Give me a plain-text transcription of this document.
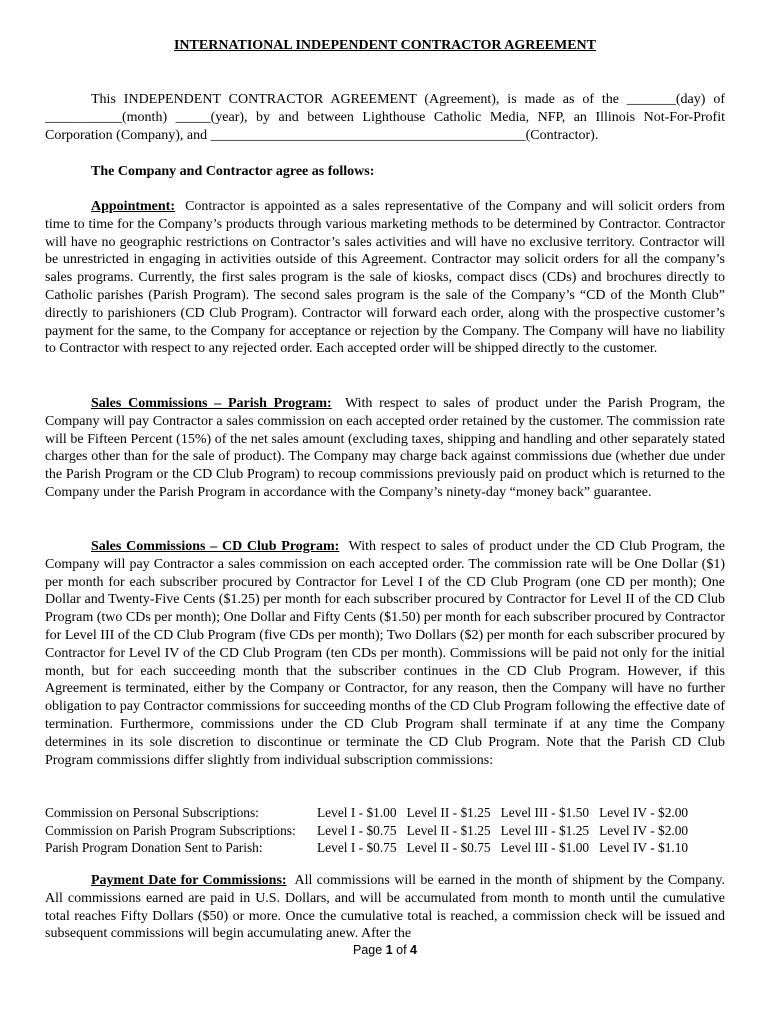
INTERNATIONAL INDEPENDENT CONTRACTOR AGREEMENT

This INDEPENDENT CONTRACTOR AGREEMENT (Agreement), is made as of the _______(day) of ___________(month) _____(year), by and between Lighthouse Catholic Media, NFP, an Illinois Not-For-Profit Corporation (Company), and _____________________________________________(Contractor).

The Company and Contractor agree as follows:

Appointment: Contractor is appointed as a sales representative of the Company and will solicit orders from time to time for the Company’s products through various marketing methods to be determined by Contractor. Contractor will have no geographic restrictions on Contractor’s sales activities and will have no exclusive territory. Contractor will be unrestricted in engaging in activities outside of this Agreement. Contractor may solicit orders for all the company’s sales programs. Currently, the first sales program is the sale of kiosks, compact discs (CDs) and brochures directly to Catholic parishes (Parish Program). The second sales program is the sale of the Company’s “CD of the Month Club” directly to parishioners (CD Club Program). Contractor will forward each order, along with the prospective customer’s payment for the same, to the Company for acceptance or rejection by the Company. The Company will have no liability to Contractor with respect to any rejected order. Each accepted order will be shipped directly to the customer.

Sales Commissions – Parish Program: With respect to sales of product under the Parish Program, the Company will pay Contractor a sales commission on each accepted order retained by the customer. The commission rate will be Fifteen Percent (15%) of the net sales amount (excluding taxes, shipping and handling and other separately stated charges other than for the sale of product). The Company may charge back against commissions due (whether due under the Parish Program or the CD Club Program) to recoup commissions previously paid on product which is returned to the Company under the Parish Program in accordance with the Company’s ninety-day “money back” guarantee.

Sales Commissions – CD Club Program: With respect to sales of product under the CD Club Program, the Company will pay Contractor a sales commission on each accepted order. The commission rate will be One Dollar ($1) per month for each subscriber procured by Contractor for Level I of the CD Club Program (one CD per month); One Dollar and Twenty-Five Cents ($1.25) per month for each subscriber procured by Contractor for Level II of the CD Club Program (two CDs per month); One Dollar and Fifty Cents ($1.50) per month for each subscriber procured by Contractor for Level III of the CD Club Program (five CDs per month); Two Dollars ($2) per month for each subscriber procured by Contractor for Level IV of the CD Club Program (ten CDs per month). Commissions will be paid not only for the initial month, but for each succeeding month that the subscriber continues in the CD Club Program. However, if this Agreement is terminated, either by the Company or Contractor, for any reason, then the Company will have no further obligation to pay Contractor commissions for succeeding months of the CD Club Program following the effective date of termination. Furthermore, commissions under the CD Club Program shall terminate if at any time the Company determines in its sole discretion to discontinue or terminate the CD Club Program. Note that the Parish CD Club Program commissions differ slightly from individual subscription commissions:

Commission on Personal Subscriptions:	Level I - $1.00	Level II - $1.25	Level III - $1.50	Level IV - $2.00
Commission on Parish Program Subscriptions:	Level I - $0.75	Level II - $1.25	Level III - $1.25	Level IV - $2.00
Parish Program Donation Sent to Parish:	Level I - $0.75	Level II - $0.75	Level III - $1.00	Level IV - $1.10

Payment Date for Commissions: All commissions will be earned in the month of shipment by the Company. All commissions earned are paid in U.S. Dollars, and will be accumulated from month to month until the cumulative total reaches Fifty Dollars ($50) or more. Once the cumulative total is reached, a commission check will be issued and subsequent commissions will begin accumulating anew. After the

Page 1 of 4
